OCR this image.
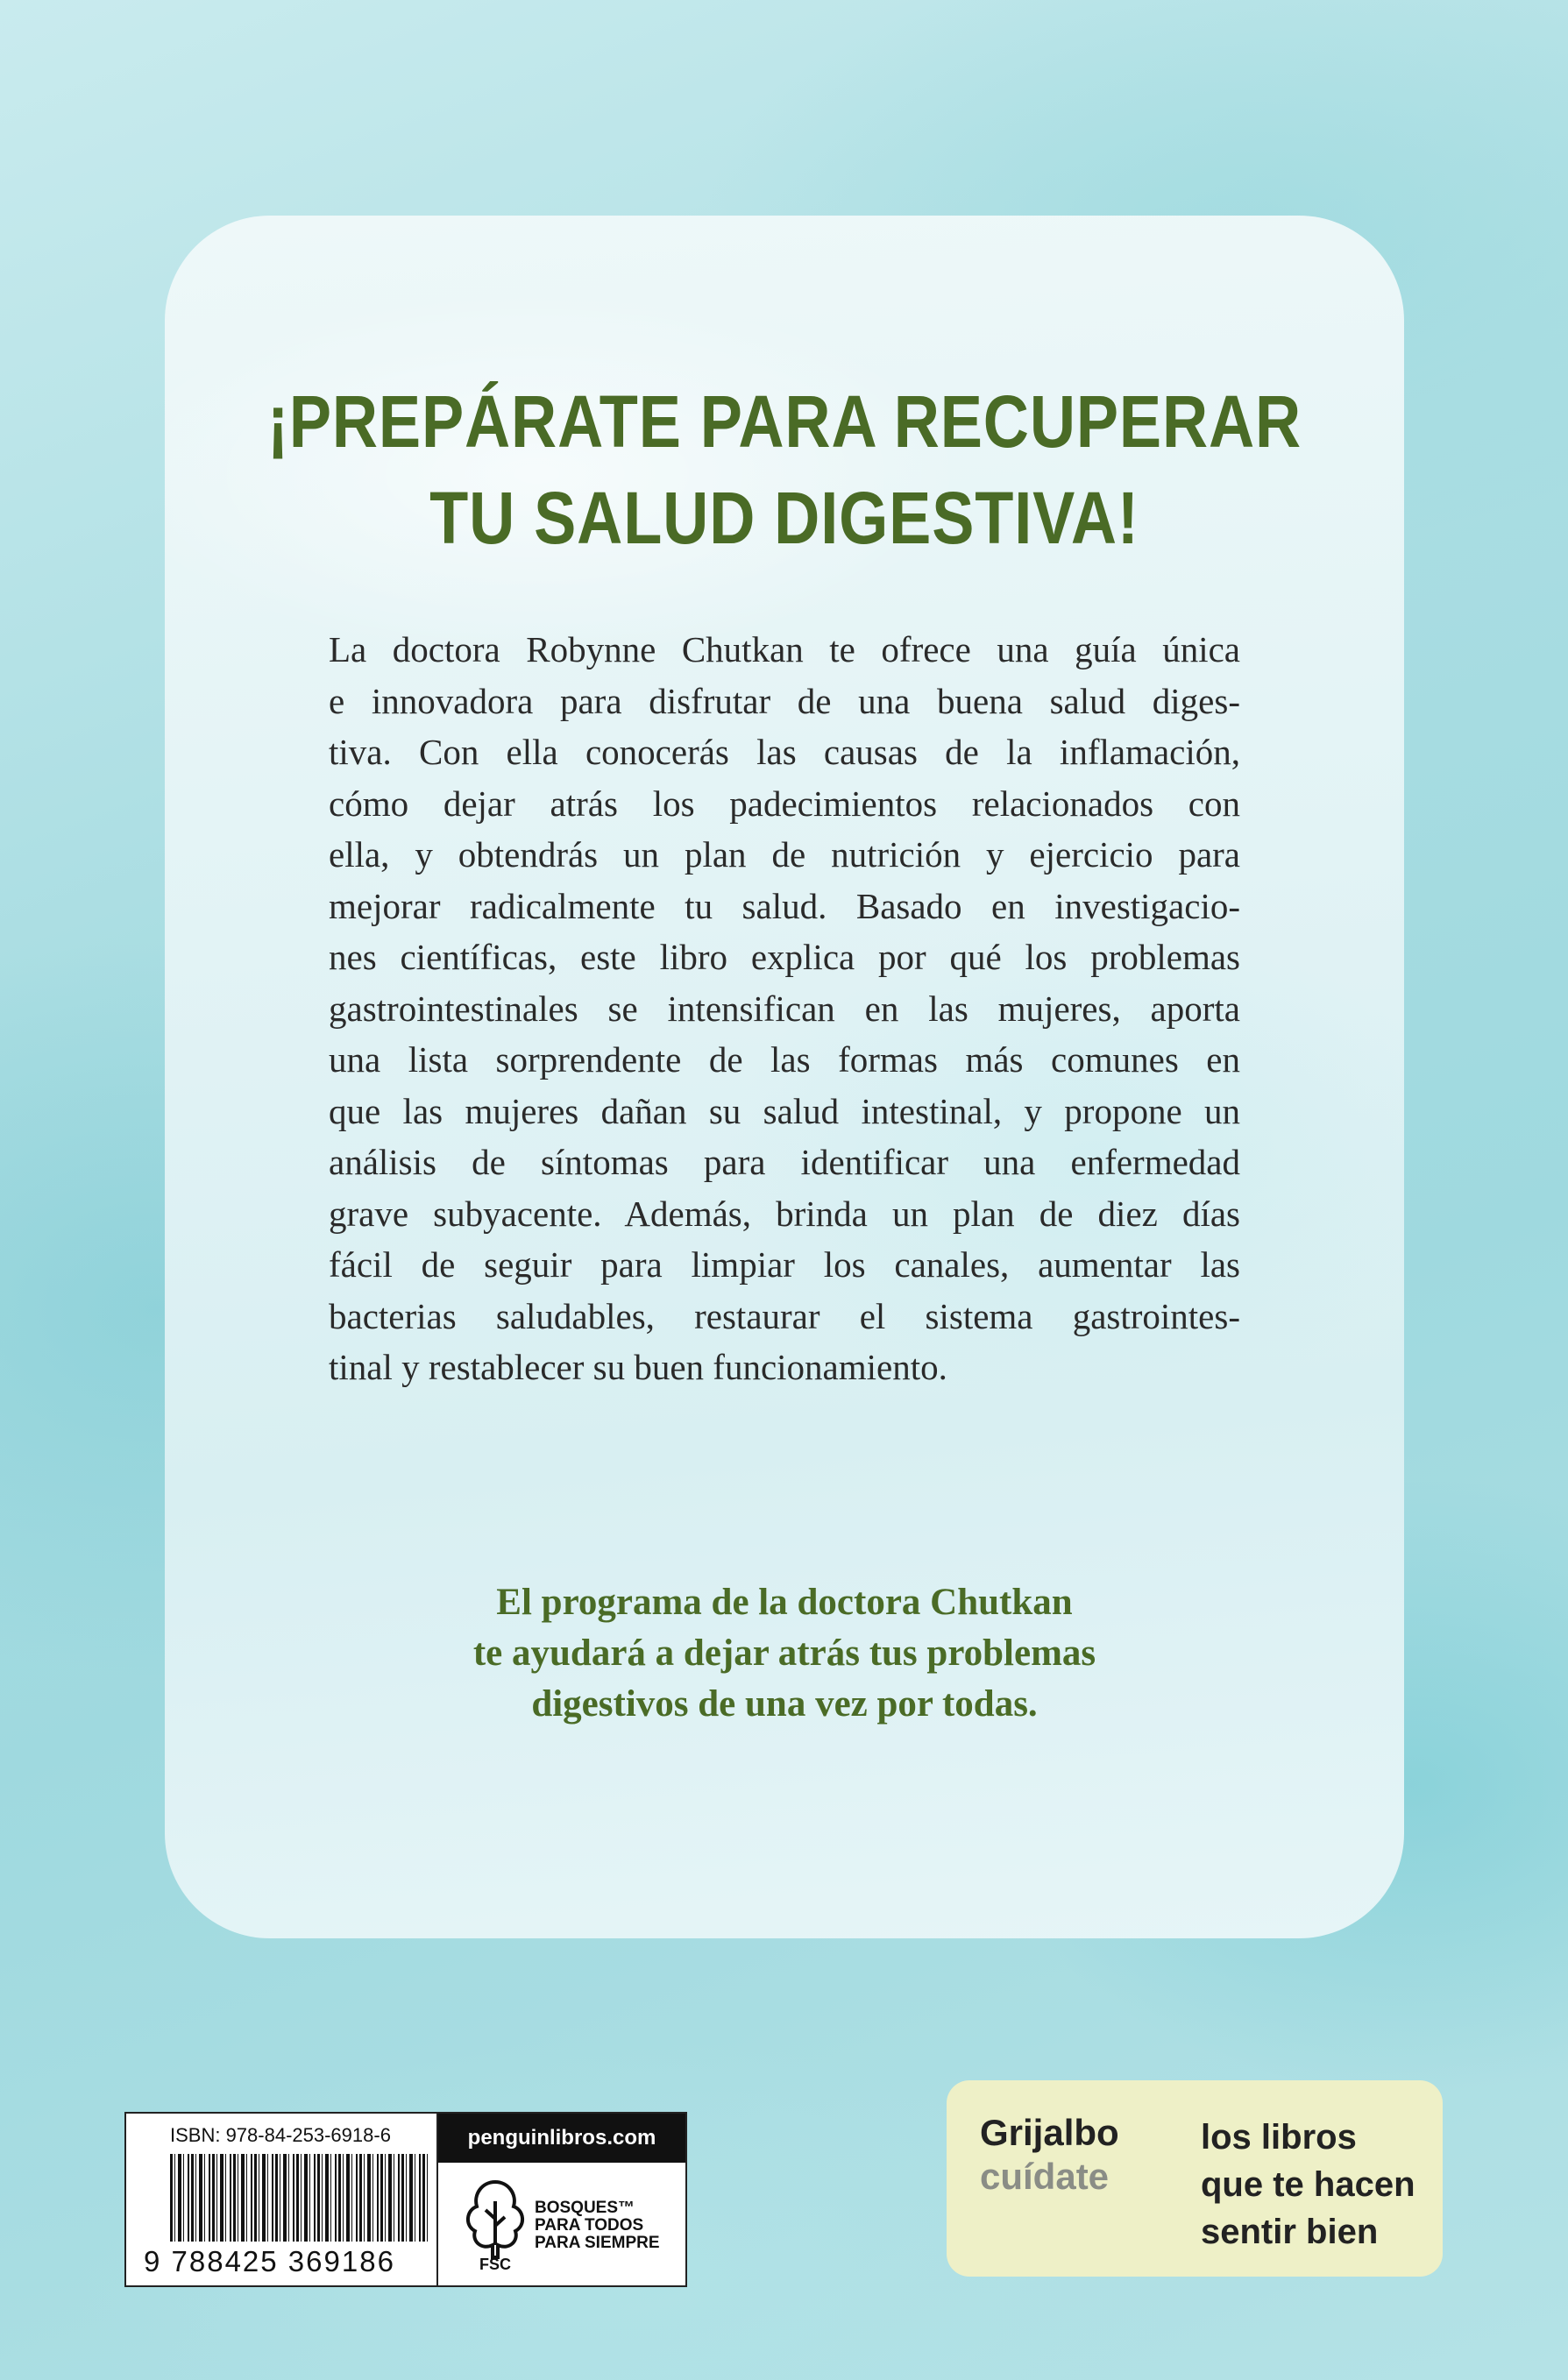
¡PREPÁRATE PARA RECUPERAR
TU SALUD DIGESTIVA!
La doctora Robynne Chutkan te ofrece una guía única
e innovadora para disfrutar de una buena salud diges-
tiva. Con ella conocerás las causas de la inflamación,
cómo dejar atrás los padecimientos relacionados con
ella, y obtendrás un plan de nutrición y ejercicio para
mejorar radicalmente tu salud. Basado en investigacio-
nes científicas, este libro explica por qué los problemas
gastrointestinales se intensifican en las mujeres, aporta
una lista sorprendente de las formas más comunes en
que las mujeres dañan su salud intestinal, y propone un
análisis de síntomas para identificar una enfermedad
grave subyacente. Además, brinda un plan de diez días
fácil de seguir para limpiar los canales, aumentar las
bacterias saludables, restaurar el sistema gastrointes-
tinal y restablecer su buen funcionamiento.
El programa de la doctora Chutkan
te ayudará a dejar atrás tus problemas
digestivos de una vez por todas.
ISBN: 978-84-253-6918-6
9 788425 369186
penguinlibros.com
FSC
BOSQUES™
PARA TODOS
PARA SIEMPRE
Grijalbo
cuídate
los libros
que te hacen
sentir bien
